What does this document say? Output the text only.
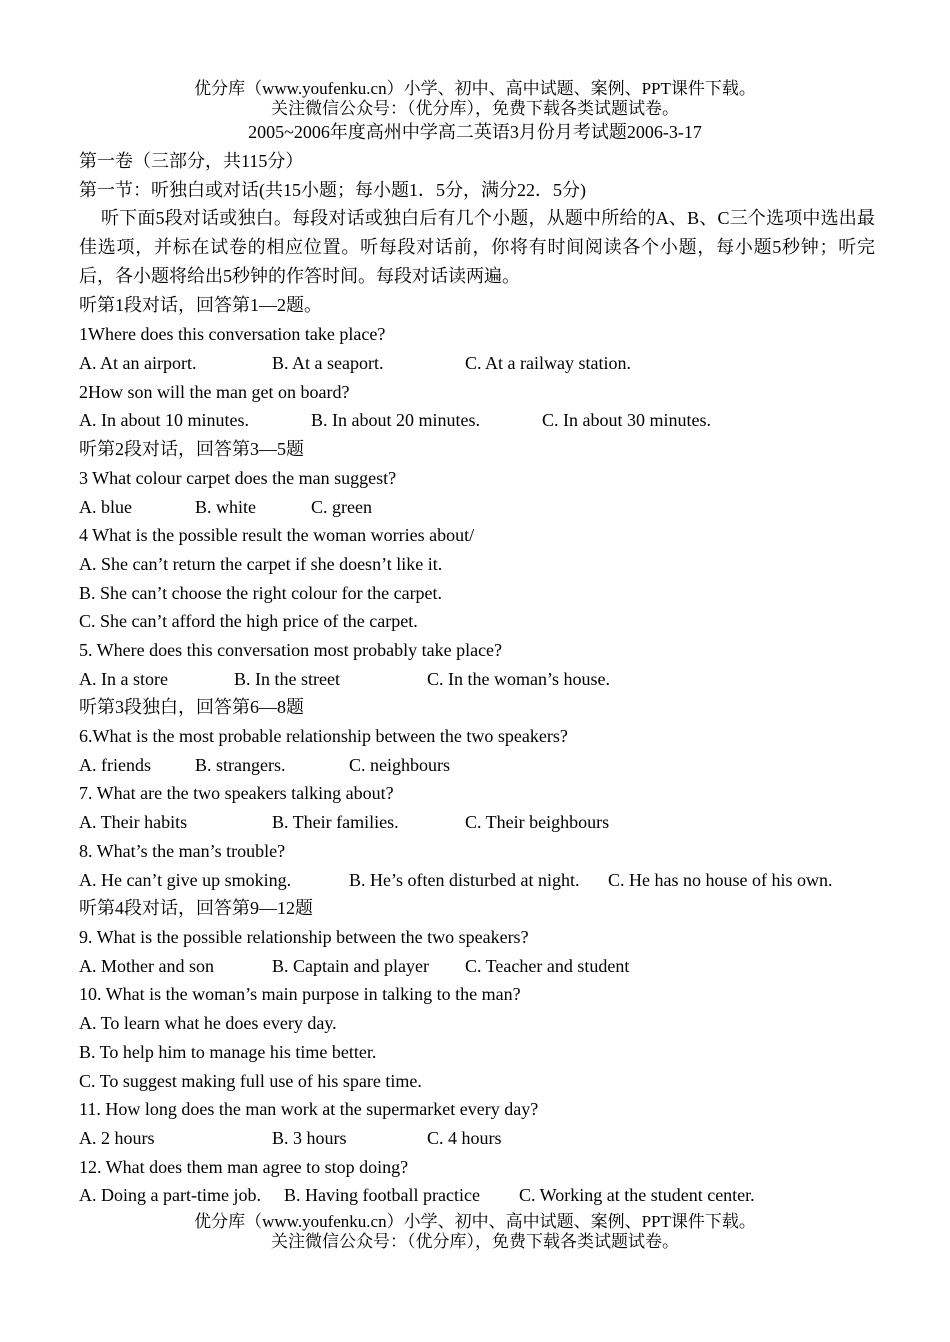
优分库（www.youfenku.cn）小学、初中、高中试题、案例、PPT课件下载。
关注微信公众号：（优分库），免费下载各类试题试卷。
2005~2006年度高州中学高二英语3月份月考试题2006-3-17
第一卷（三部分，共115分）
第一节：听独白或对话(共15小题；每小题1．5分，满分22．5分)
听下面5段对话或独白。每段对话或独白后有几个小题，从题中所给的A、B、C三个选项中选出最佳选项，并标在试卷的相应位置。听每段对话前，你将有时间阅读各个小题，每小题5秒钟；听完后，各小题将给出5秒钟的作答时间。每段对话读两遍。
听第1段对话，回答第1—2题。
1Where does this conversation take place?
A. At an airport.	B. At a seaport.	C. At a railway station.
2How son will the man get on board?
A. In about 10 minutes.	B. In about 20 minutes.	C. In about 30 minutes.
听第2段对话，回答第3—5题
3 What colour carpet does the man suggest?
A. blue	B. white	C. green
4 What is the possible result the woman worries about/
A. She can’t return the carpet if she doesn’t like it.
B. She can’t choose the right colour for the carpet.
C. She can’t afford the high price of the carpet.
5. Where does this conversation most probably take place?
A. In a store	B. In the street	C. In the woman’s house.
听第3段独白，回答第6—8题
6.What is the most probable relationship between the two speakers?
A. friends B. strangers.	C. neighbours
7. What are the two speakers talking about?
A. Their habits	B. Their families.	C. Their beighbours
8. What’s the man’s trouble?
A. He can’t give up smoking.	B. He’s often disturbed at night. C. He has no house of his own.
听第4段对话，回答第9—12题
9. What is the possible relationship between the two speakers?
A. Mother and son	B. Captain and player C. Teacher and student
10. What is the woman’s main purpose in talking to the man?
A. To learn what he does every day.
B. To help him to manage his time better.
C. To suggest making full use of his spare time.
11. How long does the man work at the supermarket every day?
A. 2 hours	B. 3 hours	C. 4 hours
12. What does them man agree to stop doing?
A. Doing a part-time job. B. Having football practice C. Working at the student center.
优分库（www.youfenku.cn）小学、初中、高中试题、案例、PPT课件下载。
关注微信公众号：（优分库），免费下载各类试题试卷。
